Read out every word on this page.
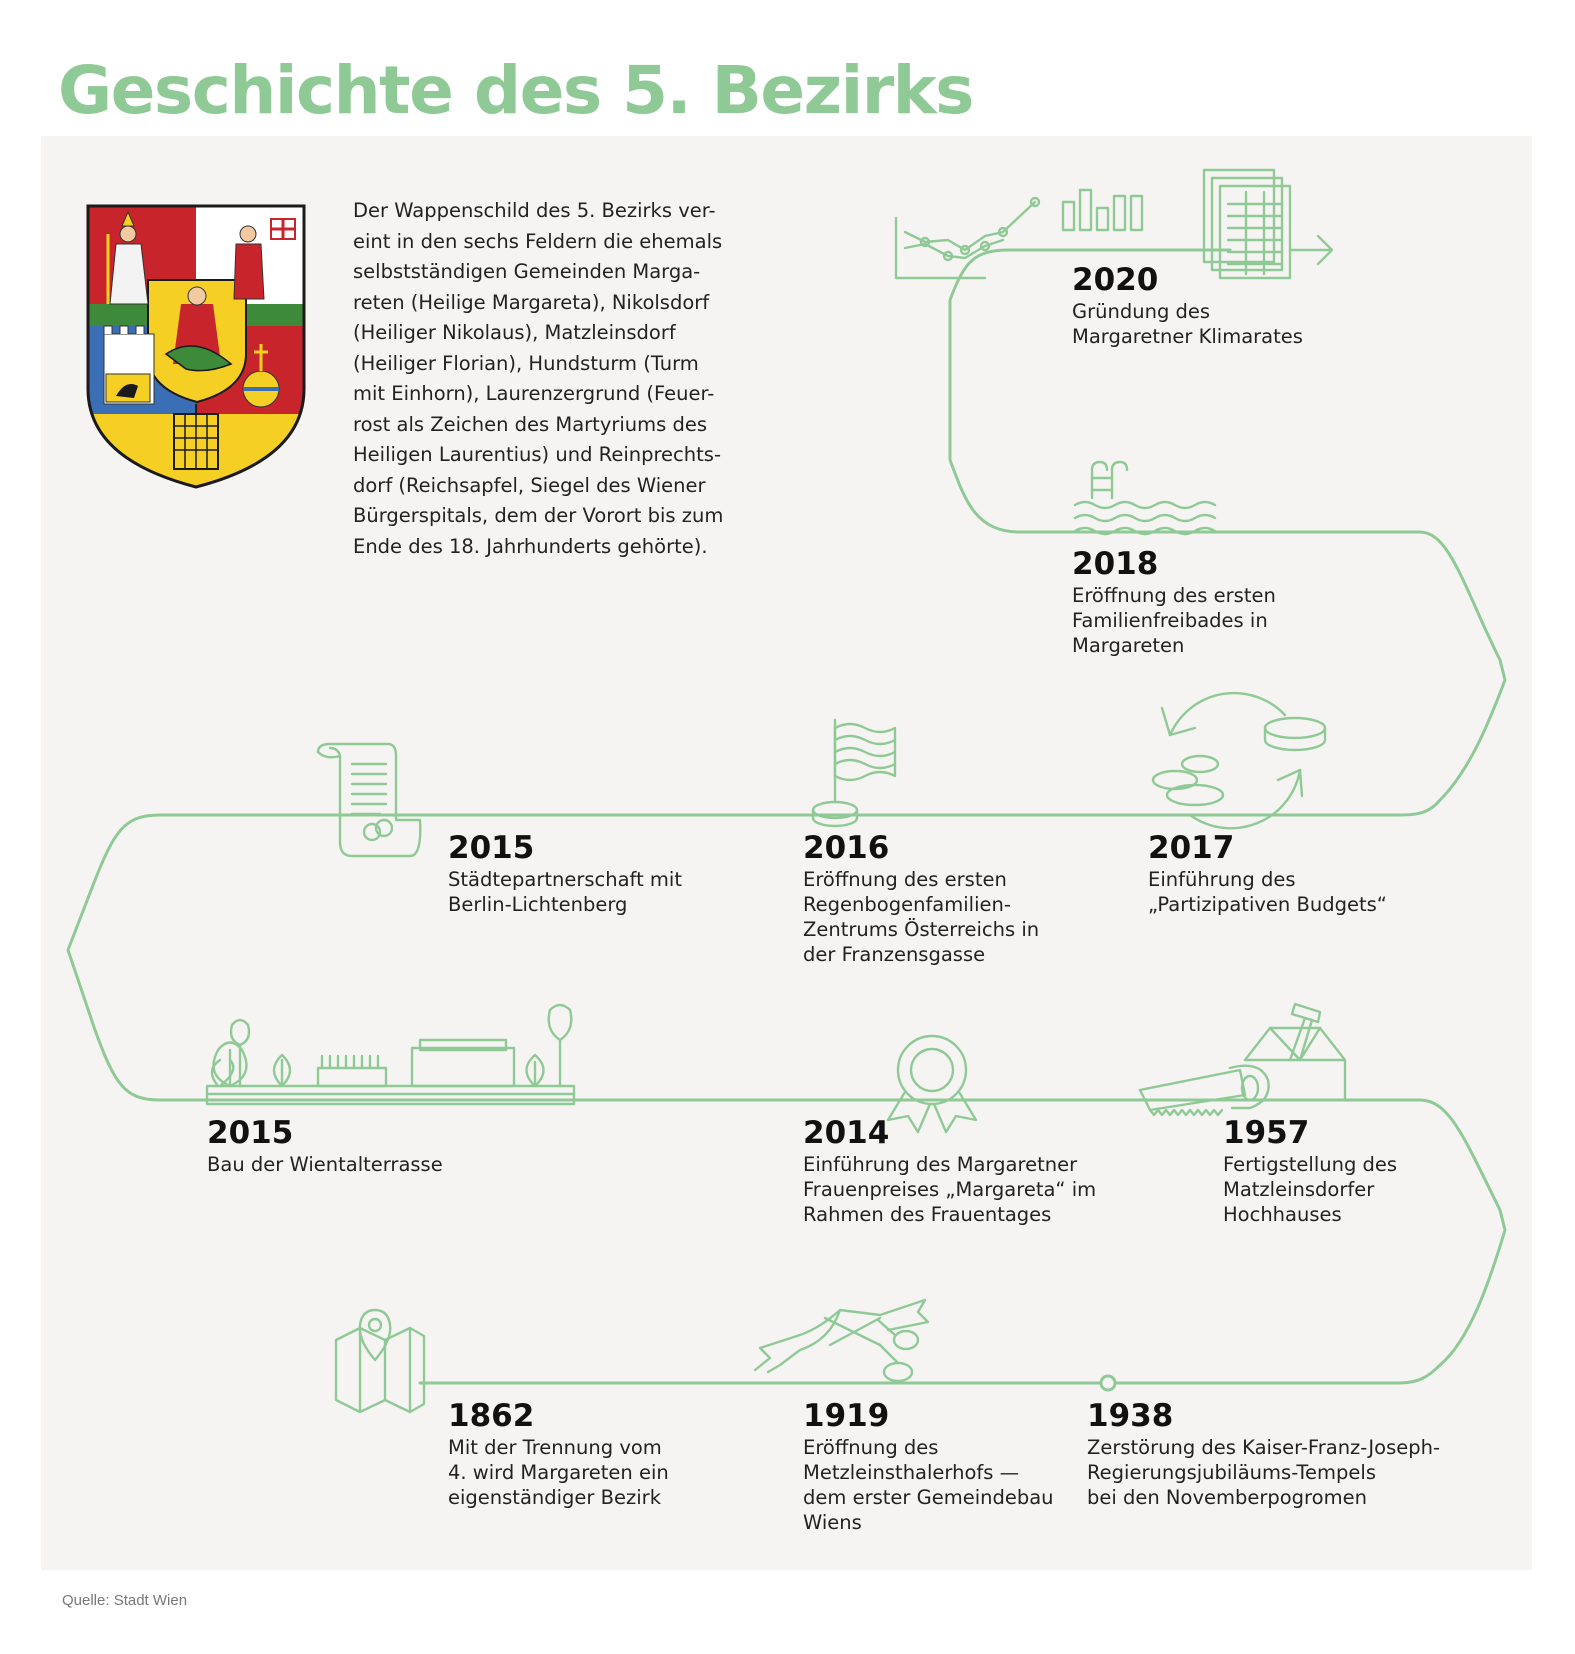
Geschichte des 5. Bezirks

Der Wappenschild des 5. Bezirks ver-
eint in den sechs Feldern die ehemals
selbstständigen Gemeinden Marga-
reten (Heilige Margareta), Nikolsdorf
(Heiliger Nikolaus), Matzleinsdorf
(Heiliger Florian), Hundsturm (Turm
mit Einhorn), Laurenzergrund (Feuer-
rost als Zeichen des Martyriums des
Heiligen Laurentius) und Reinprechts-
dorf (Reichsapfel, Siegel des Wiener
Bürgerspitals, dem der Vorort bis zum
Ende des 18. Jahrhunderts gehörte).

2020
Gründung des
Margaretner Klimarates
2018
Eröffnung des ersten
Familienfreibades in
Margareten
2017
Einführung des
„Partizipativen Budgets“
2016
Eröffnung des ersten
Regenbogenfamilien-
Zentrums Österreichs in
der Franzensgasse
2015
Städtepartnerschaft mit
Berlin-Lichtenberg
2015
Bau der Wientalterrasse
2014
Einführung des Margaretner
Frauenpreises „Margareta“ im
Rahmen des Frauentages
1957
Fertigstellung des
Matzleinsdorfer
Hochhauses
1862
Mit der Trennung vom
4. wird Margareten ein
eigenständiger Bezirk
1919
Eröffnung des
Metzleinsthalerhofs —
dem erster Gemeindebau
Wiens
1938
Zerstörung des Kaiser-Franz-Joseph-
Regierungsjubiläums-Tempels
bei den Novemberpogromen
Quelle: Stadt Wien
